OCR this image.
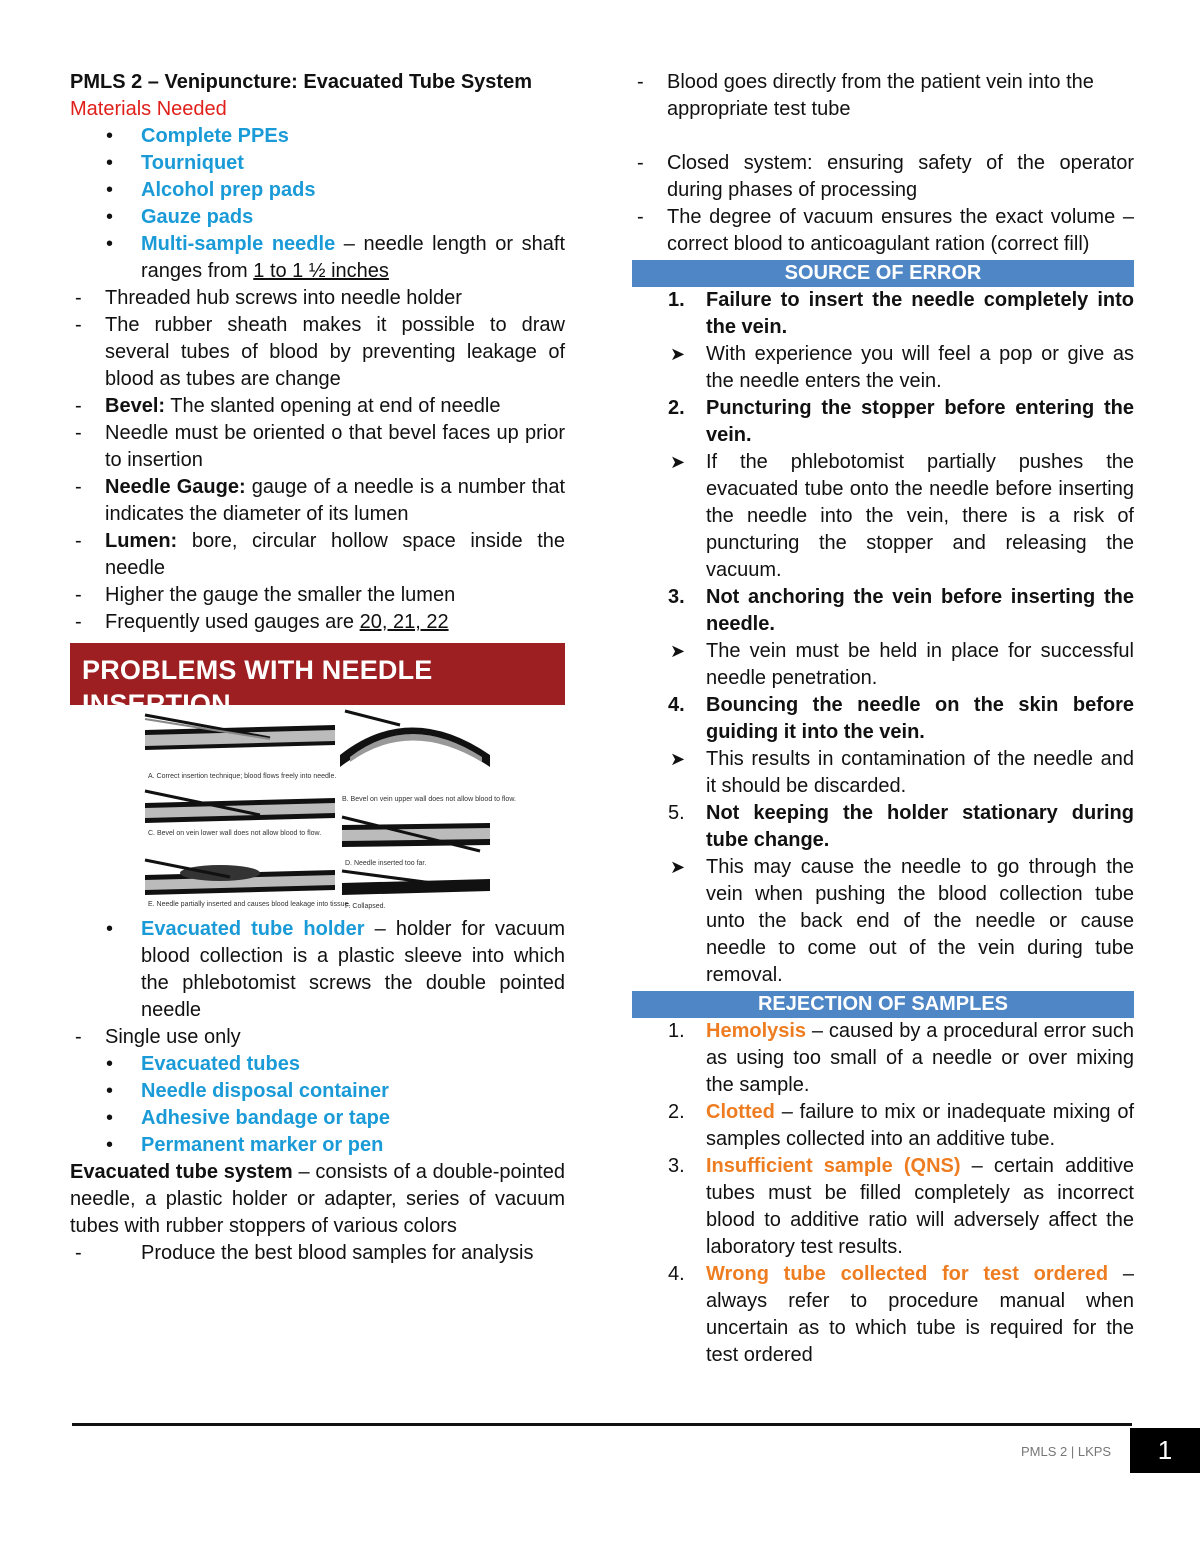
PMLS 2 – Venipuncture: Evacuated Tube System

Materials Needed

• Complete PPEs
• Tourniquet
• Alcohol prep pads
• Gauze pads
• Multi-sample needle – needle length or shaft ranges from 1 to 1 ½ inches
- Threaded hub screws into needle holder
- The rubber sheath makes it possible to draw several tubes of blood by preventing leakage of blood as tubes are change
- Bevel: The slanted opening at end of needle
- Needle must be oriented o that bevel faces up prior to insertion
- Needle Gauge: gauge of a needle is a number that indicates the diameter of its lumen
- Lumen: bore, circular hollow space inside the needle
- Higher the gauge the smaller the lumen
- Frequently used gauges are 20, 21, 22
PROBLEMS WITH NEEDLE INSERTION
A. Correct insertion technique; blood flows freely into needle.
B. Bevel on vein upper wall does not allow blood to flow.
C. Bevel on vein lower wall does not allow blood to flow.
D. Needle inserted too far.
E. Needle partially inserted and causes blood leakage into tissue.
F. Collapsed.
• Evacuated tube holder – holder for vacuum blood collection is a plastic sleeve into which the phlebotomist screws the double pointed needle
- Single use only
• Evacuated tubes
• Needle disposal container
• Adhesive bandage or tape
• Permanent marker or pen

Evacuated tube system – consists of a double-pointed needle, a plastic holder or adapter, series of vacuum tubes with rubber stoppers of various colors

- Produce the best blood samples for analysis
- Blood goes directly from the patient vein into the appropriate test tube
- Closed system: ensuring safety of the operator during phases of processing
- The degree of vacuum ensures the exact volume – correct blood to anticoagulant ration (correct fill)
SOURCE OF ERROR

1. Failure to insert the needle completely into the vein.

➤ With experience you will feel a pop or give as the needle enters the vein.

2. Puncturing the stopper before entering the vein.

➤ If the phlebotomist partially pushes the evacuated tube onto the needle before inserting the needle into the vein, there is a risk of puncturing the stopper and releasing the vacuum.

3. Not anchoring the vein before inserting the needle.

➤ The vein must be held in place for successful needle penetration.

4. Bouncing the needle on the skin before guiding it into the vein.

➤ This results in contamination of the needle and it should be discarded.

5. Not keeping the holder stationary during tube change.

➤ This may cause the needle to go through the vein when pushing the blood collection tube unto the back end of the needle or cause needle to come out of the vein during tube removal.

REJECTION OF SAMPLES

1. Hemolysis – caused by a procedural error such as using too small of a needle or over mixing the sample.

2. Clotted – failure to mix or inadequate mixing of samples collected into an additive tube.

3. Insufficient sample (QNS) – certain additive tubes must be filled completely as incorrect blood to additive ratio will adversely affect the laboratory test results.

4. Wrong tube collected for test ordered – always refer to procedure manual when uncertain as to which tube is required for the test ordered

PMLS 2 | LKPS	1
